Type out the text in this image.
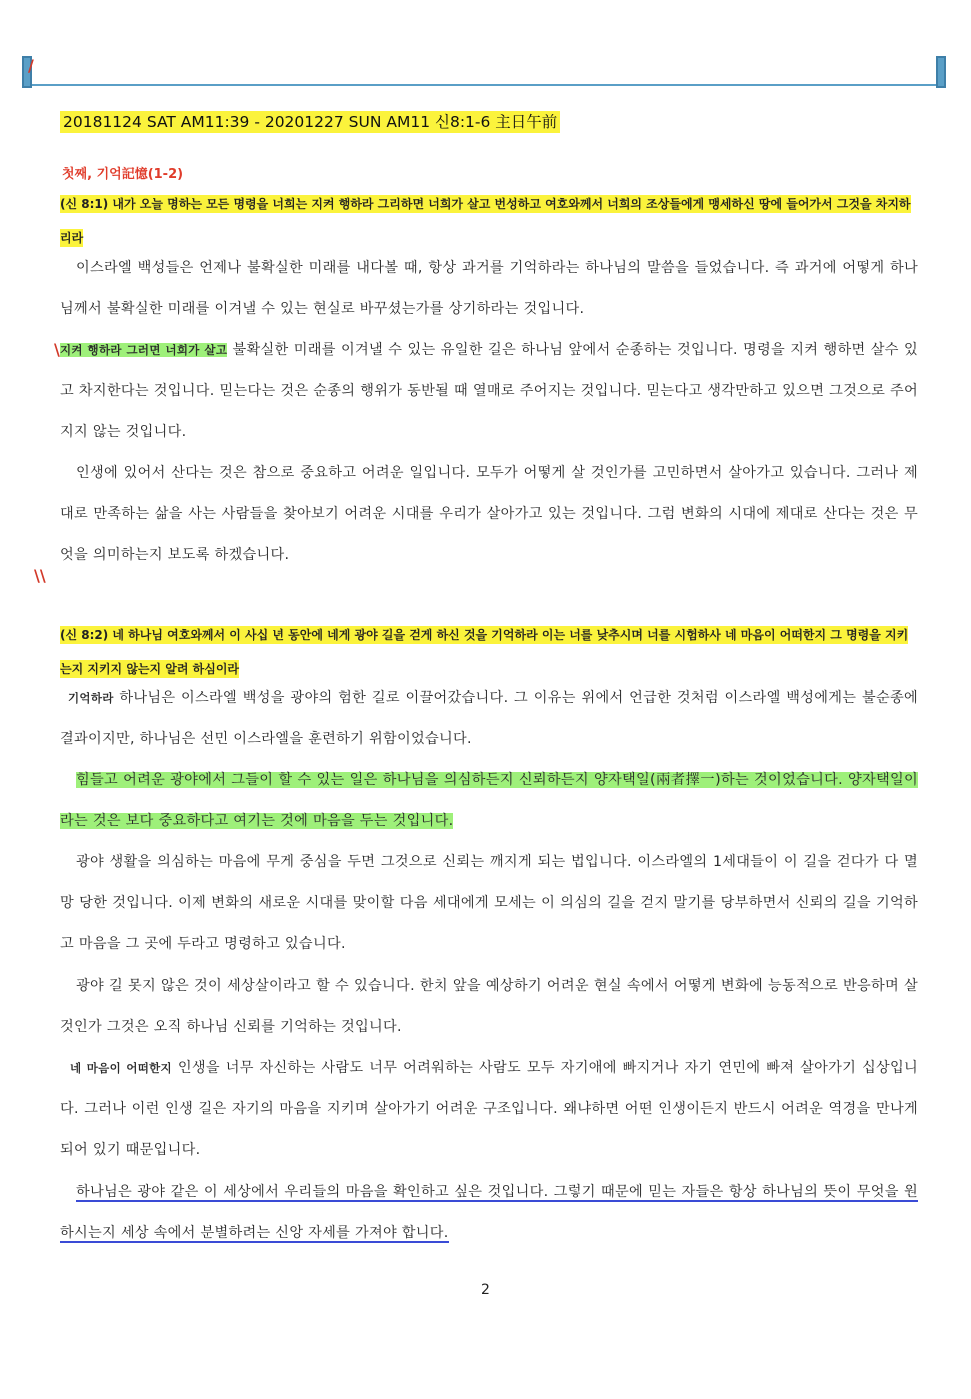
20181124 SAT AM11:39 - 20201227 SUN AM11 신8:1-6 主日午前
첫째, 기억記憶(1-2)
(신 8:1) 내가 오늘 명하는 모든 명령을 너희는 지켜 행하라 그리하면 너희가 살고 번성하고 여호와께서 너희의 조상들에게 맹세하신 땅에 들어가서 그것을 차지하리라
이스라엘 백성들은 언제나 불확실한 미래를 내다볼 때, 항상 과거를 기억하라는 하나님의 말씀을 들었습니다. 즉 과거에 어떻게 하나님께서 불확실한 미래를 이겨낼 수 있는 현실로 바꾸셨는가를 상기하라는 것입니다.
지켜 행하라 그러면 너희가 살고 불확실한 미래를 이겨낼 수 있는 유일한 길은 하나님 앞에서 순종하는 것입니다. 명령을 지켜 행하면 살수 있고 차지한다는 것입니다. 믿는다는 것은 순종의 행위가 동반될 때 열매로 주어지는 것입니다. 믿는다고 생각만하고 있으면 그것으로 주어지지 않는 것입니다.
인생에 있어서 산다는 것은 참으로 중요하고 어려운 일입니다. 모두가 어떻게 살 것인가를 고민하면서 살아가고 있습니다. 그러나 제대로 만족하는 삶을 사는 사람들을 찾아보기 어려운 시대를 우리가 살아가고 있는 것입니다. 그럼 변화의 시대에 제대로 산다는 것은 무엇을 의미하는지 보도록 하겠습니다.
(신 8:2) 네 하나님 여호와께서 이 사십 년 동안에 네게 광야 길을 걷게 하신 것을 기억하라 이는 너를 낮추시며 너를 시험하사 네 마음이 어떠한지 그 명령을 지키는지 지키지 않는지 알려 하심이라
기억하라 하나님은 이스라엘 백성을 광야의 험한 길로 이끌어갔습니다. 그 이유는 위에서 언급한 것처럼 이스라엘 백성에게는 불순종에 결과이지만, 하나님은 선민 이스라엘을 훈련하기 위함이었습니다.
힘들고 어려운 광야에서 그들이 할 수 있는 일은 하나님을 의심하든지 신뢰하든지 양자택일(兩者擇一)하는 것이었습니다. 양자택일이라는 것은 보다 중요하다고 여기는 것에 마음을 두는 것입니다.
광야 생활을 의심하는 마음에 무게 중심을 두면 그것으로 신뢰는 깨지게 되는 법입니다. 이스라엘의 1세대들이 이 길을 걷다가 다 멸망 당한 것입니다. 이제 변화의 새로운 시대를 맞이할 다음 세대에게 모세는 이 의심의 길을 걷지 말기를 당부하면서 신뢰의 길을 기억하고 마음을 그 곳에 두라고 명령하고 있습니다.
광야 길 못지 않은 것이 세상살이라고 할 수 있습니다. 한치 앞을 예상하기 어려운 현실 속에서 어떻게 변화에 능동적으로 반응하며 살 것인가 그것은 오직 하나님 신뢰를 기억하는 것입니다.
네 마음이 어떠한지 인생을 너무 자신하는 사람도 너무 어려워하는 사람도 모두 자기애에 빠지거나 자기 연민에 빠져 살아가기 십상입니다. 그러나 이런 인생 길은 자기의 마음을 지키며 살아가기 어려운 구조입니다. 왜냐하면 어떤 인생이든지 반드시 어려운 역경을 만나게 되어 있기 때문입니다.
하나님은 광야 같은 이 세상에서 우리들의 마음을 확인하고 싶은 것입니다. 그렇기 때문에 믿는 자들은 항상 하나님의 뜻이 무엇을 원하시는지 세상 속에서 분별하려는 신앙 자세를 가져야 합니다.
\
\\
/
2
